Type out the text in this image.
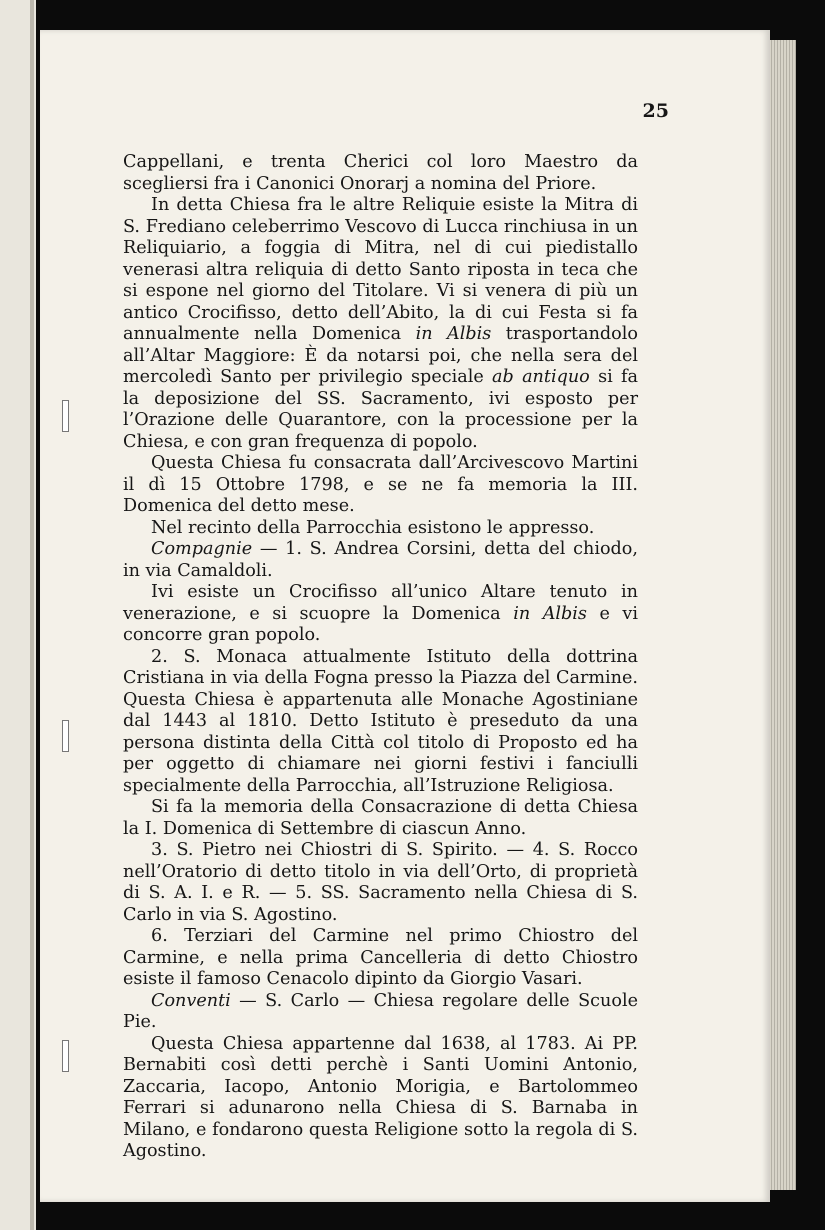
25

Cappellani, e trenta Cherici col loro Maestro da scegliersi fra i Canonici Onorarj a nomina del Priore.

In detta Chiesa fra le altre Reliquie esiste la Mitra di S. Frediano celeberrimo Vescovo di Lucca rinchiusa in un Reliquiario, a foggia di Mitra, nel di cui piedistallo venerasi altra reliquia di detto Santo riposta in teca che si espone nel giorno del Titolare. Vi si venera di più un antico Crocifisso, detto dell’Abito, la di cui Festa si fa annualmente nella Domenica in Albis trasportandolo all’Altar Maggiore: È da notarsi poi, che nella sera del mercoledì Santo per privilegio speciale ab antiquo si fa la deposizione del SS. Sacramento, ivi esposto per l’Orazione delle Quarantore, con la processione per la Chiesa, e con gran frequenza di popolo.

Questa Chiesa fu consacrata dall’Arcivescovo Martini il dì 15 Ottobre 1798, e se ne fa memoria la III. Domenica del detto mese.

Nel recinto della Parrocchia esistono le appresso.

Compagnie — 1. S. Andrea Corsini, detta del chiodo, in via Camaldoli.

Ivi esiste un Crocifisso all’unico Altare tenuto in venerazione, e si scuopre la Domenica in Albis e vi concorre gran popolo.

2. S. Monaca attualmente Istituto della dottrina Cristiana in via della Fogna presso la Piazza del Carmine. Questa Chiesa è appartenuta alle Monache Agostiniane dal 1443 al 1810. Detto Istituto è preseduto da una persona distinta della Città col titolo di Proposto ed ha per oggetto di chiamare nei giorni festivi i fanciulli specialmente della Parrocchia, all’Istruzione Religiosa.

Si fa la memoria della Consacrazione di detta Chiesa la I. Domenica di Settembre di ciascun Anno.

3. S. Pietro nei Chiostri di S. Spirito. — 4. S. Rocco nell’Oratorio di detto titolo in via dell’Orto, di proprietà di S. A. I. e R. — 5. SS. Sacramento nella Chiesa di S. Carlo in via S. Agostino.

6. Terziari del Carmine nel primo Chiostro del Carmine, e nella prima Cancelleria di detto Chiostro esiste il famoso Cenacolo dipinto da Giorgio Vasari.

Conventi — S. Carlo — Chiesa regolare delle Scuole Pie.

Questa Chiesa appartenne dal 1638, al 1783. Ai PP. Bernabiti così detti perchè i Santi Uomini Antonio, Zaccaria, Iacopo, Antonio Morigia, e Bartolommeo Ferrari si adunarono nella Chiesa di S. Barnaba in Milano, e fondarono questa Religione sotto la regola di S. Agostino.
